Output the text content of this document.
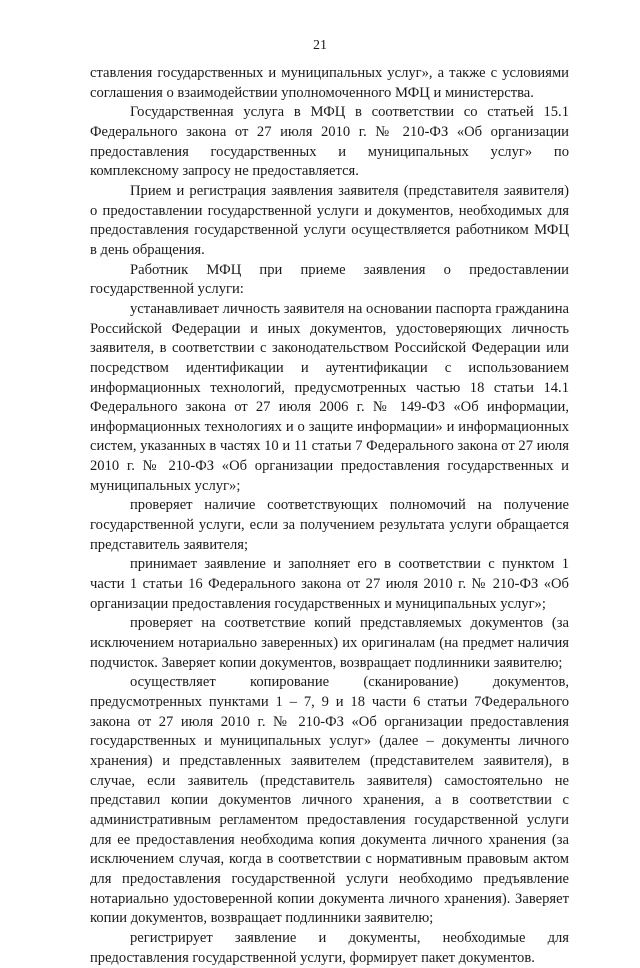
21

ставления государственных и муниципальных услуг», а также с условиями соглашения о взаимодействии уполномоченного МФЦ и министерства.

Государственная услуга в МФЦ в соответствии со статьей 15.1 Федерального закона от 27 июля 2010 г. № 210-ФЗ «Об организации предоставления государственных и муниципальных услуг» по комплексному запросу не предоставляется.

Прием и регистрация заявления заявителя (представителя заявителя) о предоставлении государственной услуги и документов, необходимых для предоставления государственной услуги осуществляется работником МФЦ в день обращения.

Работник МФЦ при приеме заявления о предоставлении государственной услуги:

устанавливает личность заявителя на основании паспорта гражданина Российской Федерации и иных документов, удостоверяющих личность заявителя, в соответствии с законодательством Российской Федерации или посредством идентификации и аутентификации с использованием информационных технологий, предусмотренных частью 18 статьи 14.1 Федерального закона от 27 июля 2006 г. № 149-ФЗ «Об информации, информационных технологиях и о защите информации» и информационных систем, указанных в частях 10 и 11 статьи 7 Федерального закона от 27 июля 2010 г. № 210-ФЗ «Об организации предоставления государственных и муниципальных услуг»;

проверяет наличие соответствующих полномочий на получение государственной услуги, если за получением результата услуги обращается представитель заявителя;

принимает заявление и заполняет его в соответствии с пунктом 1 части 1 статьи 16 Федерального закона от 27 июля 2010 г. № 210-ФЗ «Об организации предоставления государственных и муниципальных услуг»;

проверяет на соответствие копий представляемых документов (за исключением нотариально заверенных) их оригиналам (на предмет наличия подчисток. Заверяет копии документов, возвращает подлинники заявителю;

осуществляет копирование (сканирование) документов, предусмотренных пунктами 1 – 7, 9 и 18 части 6 статьи 7Федерального закона от 27 июля 2010 г. № 210-ФЗ «Об организации предоставления государственных и муниципальных услуг» (далее – документы личного хранения) и представленных заявителем (представителем заявителя), в случае, если заявитель (представитель заявителя) самостоятельно не представил копии документов личного хранения, а в соответствии с административным регламентом предоставления государственной услуги для ее предоставления необходима копия документа личного хранения (за исключением случая, когда в соответствии с нормативным правовым актом для предоставления государственной услуги необходимо предъявление нотариально удостоверенной копии документа личного хранения). Заверяет копии документов, возвращает подлинники заявителю;

регистрирует заявление и документы, необходимые для предоставления государственной услуги, формирует пакет документов.
